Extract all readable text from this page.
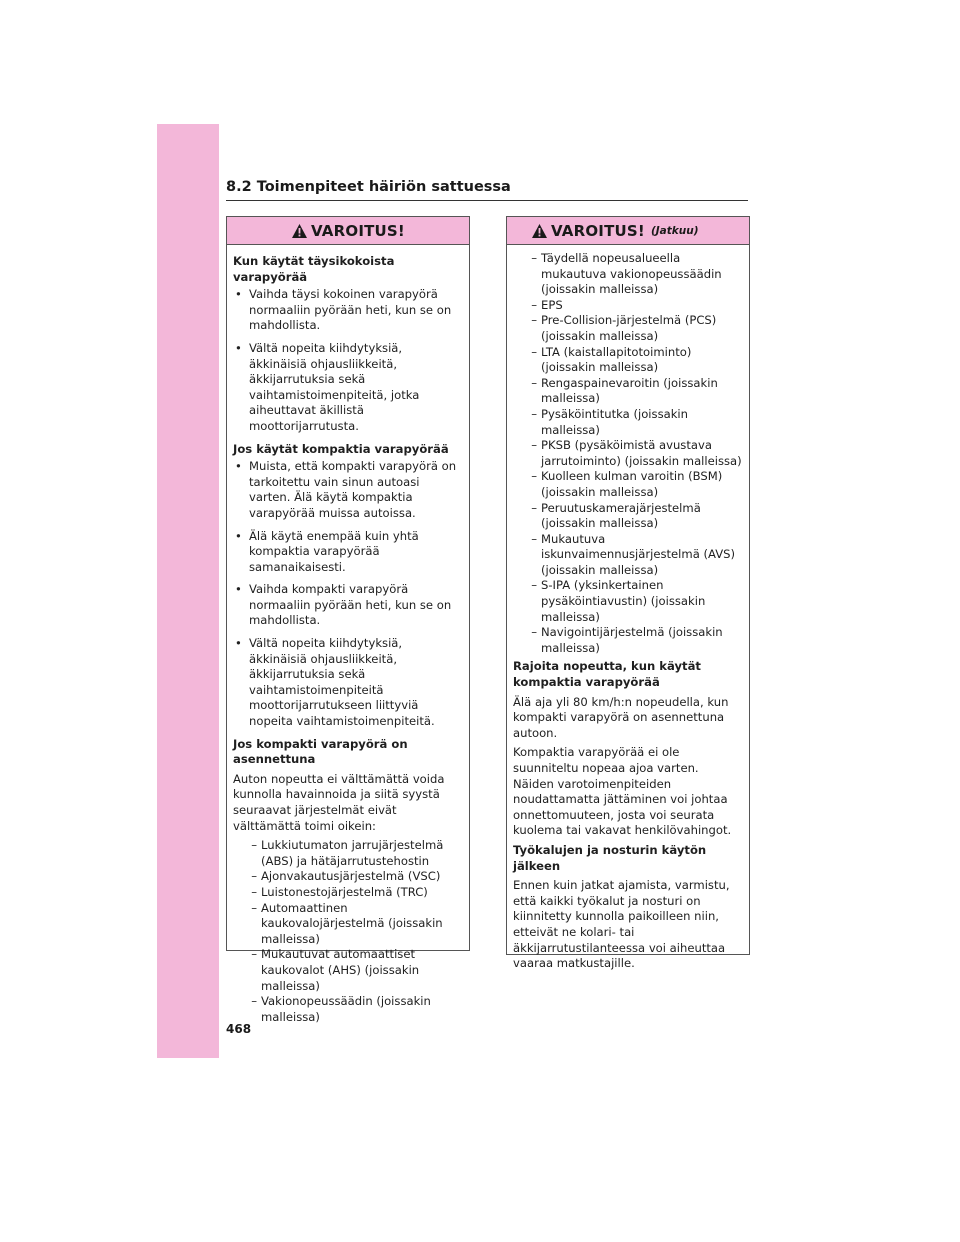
8.2 Toimenpiteet häiriön sattuessa
VAROITUS!
Kun käytät täysikokoista varapyörää
• Vaihda täysi kokoinen varapyörä normaaliin pyörään heti, kun se on mahdollista.
• Vältä nopeita kiihdytyksiä, äkkinäisiä ohjausliikkeitä, äkkijarrutuksia sekä vaihtamistoimenpiteitä, jotka aiheuttavat äkillistä moottorijarrutusta.
Jos käytät kompaktia varapyörää
• Muista, että kompakti varapyörä on tarkoitettu vain sinun autoasi varten. Älä käytä kompaktia varapyörää muissa autoissa.
• Älä käytä enempää kuin yhtä kompaktia varapyörää samanaikaisesti.
• Vaihda kompakti varapyörä normaaliin pyörään heti, kun se on mahdollista.
• Vältä nopeita kiihdytyksiä, äkkinäisiä ohjausliikkeitä, äkkijarrutuksia sekä vaihtamistoimenpiteitä moottorijarrutukseen liittyviä nopeita vaihtamistoimenpiteitä.
Jos kompakti varapyörä on asennettuna
Auton nopeutta ei välttämättä voida kunnolla havainnoida ja siitä syystä seuraavat järjestelmät eivät välttämättä toimi oikein:
– Lukkiutumaton jarrujärjestelmä (ABS) ja hätäjarrutustehostin
– Ajonvakautusjärjestelmä (VSC)
– Luistonestojärjestelmä (TRC)
– Automaattinen kaukovalojärjestelmä (joissakin malleissa)
– Mukautuvat automaattiset kaukovalot (AHS) (joissakin malleissa)
– Vakionopeussäädin (joissakin malleissa)
VAROITUS! (Jatkuu)
– Täydellä nopeusalueella mukautuva vakionopeussäädin (joissakin malleissa)
– EPS
– Pre-Collision-järjestelmä (PCS) (joissakin malleissa)
– LTA (kaistallapitotoiminto) (joissakin malleissa)
– Rengaspainevaroitin (joissakin malleissa)
– Pysäköintitutka (joissakin malleissa)
– PKSB (pysäköimistä avustava jarrutoiminto) (joissakin malleissa)
– Kuolleen kulman varoitin (BSM) (joissakin malleissa)
– Peruutuskamerajärjestelmä (joissakin malleissa)
– Mukautuva iskunvaimennusjärjestelmä (AVS) (joissakin malleissa)
– S-IPA (yksinkertainen pysäköintiavustin) (joissakin malleissa)
– Navigointijärjestelmä (joissakin malleissa)
Rajoita nopeutta, kun käytät kompaktia varapyörää
Älä aja yli 80 km/h:n nopeudella, kun kompakti varapyörä on asennettuna autoon.
Kompaktia varapyörää ei ole suunniteltu nopeaa ajoa varten. Näiden varotoimenpiteiden noudattamatta jättäminen voi johtaa onnettomuuteen, josta voi seurata kuolema tai vakavat henkilövahingot.
Työkalujen ja nosturin käytön jälkeen
Ennen kuin jatkat ajamista, varmistu, että kaikki työkalut ja nosturi on kiinnitetty kunnolla paikoilleen niin, etteivät ne kolari- tai äkkijarrutustilanteessa voi aiheuttaa vaaraa matkustajille.
468
